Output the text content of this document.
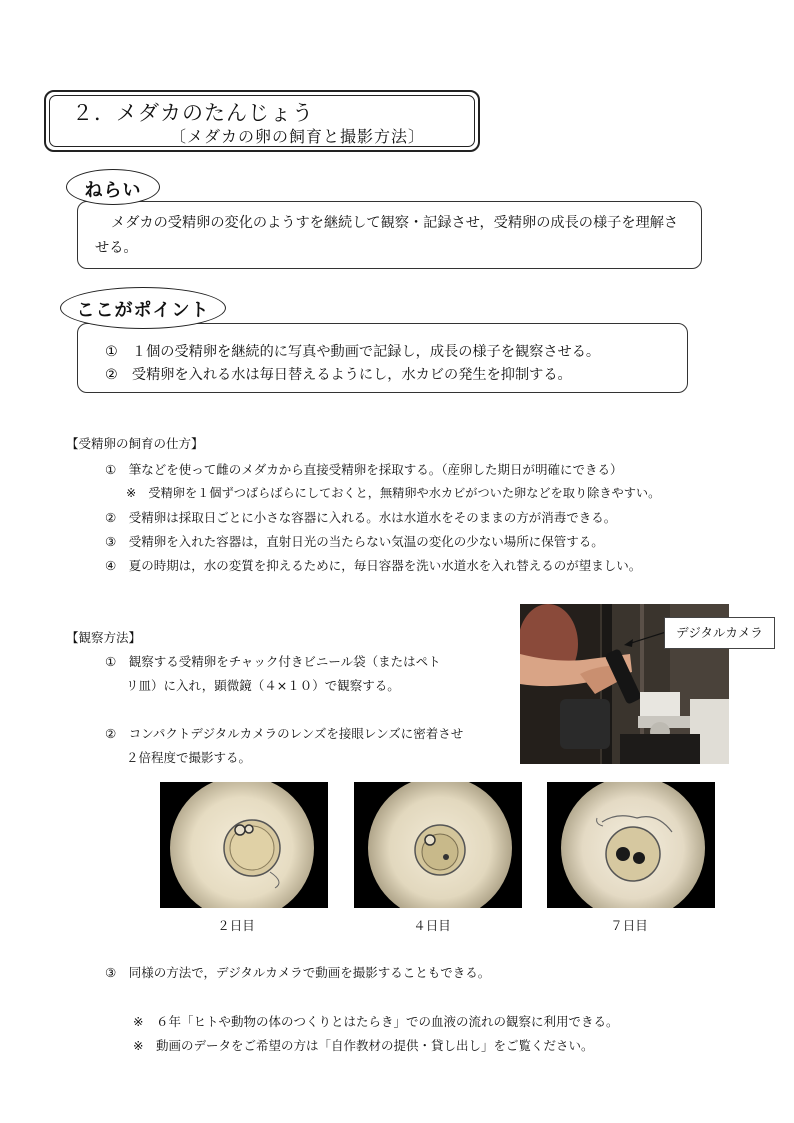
２．メダカのたんじょう
〔メダカの卵の飼育と撮影方法〕
ねらい
メダカの受精卵の変化のようすを継続して観察・記録させ，受精卵の成長の様子を理解させる。
ここがポイント
①　１個の受精卵を継続的に写真や動画で記録し，成長の様子を観察させる。
②　受精卵を入れる水は毎日替えるようにし，水カビの発生を抑制する。
【受精卵の飼育の仕方】
①　筆などを使って雌のメダカから直接受精卵を採取する。（産卵した期日が明確にできる）
※　受精卵を１個ずつばらばらにしておくと，無精卵や水カビがついた卵などを取り除きやすい。
②　受精卵は採取日ごとに小さな容器に入れる。水は水道水をそのままの方が消毒できる。
③　受精卵を入れた容器は，直射日光の当たらない気温の変化の少ない場所に保管する。
④　夏の時期は，水の変質を抑えるために，毎日容器を洗い水道水を入れ替えるのが望ましい。
【観察方法】
①　観察する受精卵をチャック付きビニール袋（またはペト
リ皿）に入れ，顕微鏡（４×１０）で観察する。
②　コンパクトデジタルカメラのレンズを接眼レンズに密着させ
２倍程度で撮影する。
デジタルカメラ
２日目	４日目	７日目
③　同様の方法で，デジタルカメラで動画を撮影することもできる。
※　６年「ヒトや動物の体のつくりとはたらき」での血液の流れの観察に利用できる。
※　動画のデータをご希望の方は「自作教材の提供・貸し出し」をご覧ください。
